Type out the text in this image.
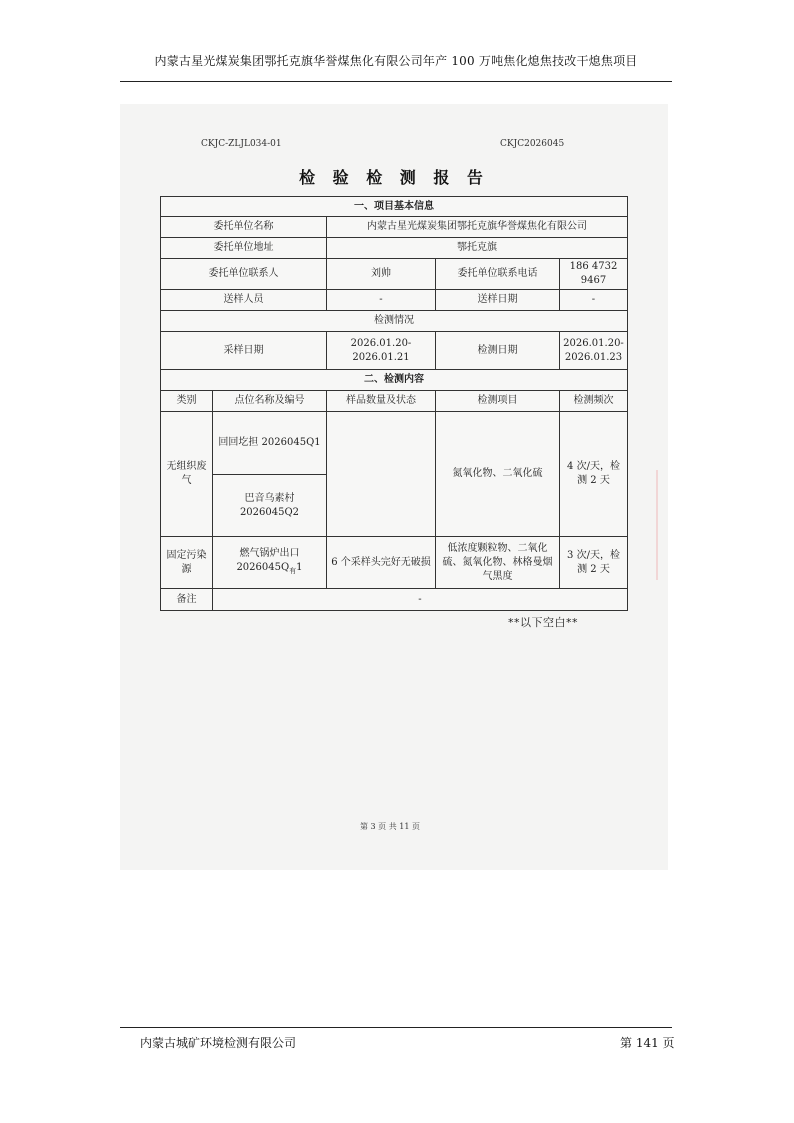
内蒙古星光煤炭集团鄂托克旗华誉煤焦化有限公司年产 100 万吨焦化熄焦技改干熄焦项目
CKJC-ZLJL034-01	CKJC2026045
检 验 检 测 报 告
一、项目基本信息				
委托单位名称		内蒙古星光煤炭集团鄂托克旗华誉煤焦化有限公司		
委托单位地址		鄂托克旗		
委托单位联系人		刘帅	委托单位联系电话	186 4732 9467
送样人员		-	送样日期	-
检测情况				
采样日期		2026.01.20-2026.01.21	检测日期	2026.01.20-2026.01.23
二、检测内容				
类别	点位名称及编号	样品数量及状态	检测项目	检测频次
无组织废气	回回圪担 2026045Q1		氮氧化物、二氧化硫	4 次/天，检测 2 天
	巴音乌素村 2026045Q2			
固定污染源	燃气锅炉出口 $2026045Q_有1$	6 个采样头完好无破损	低浓度颗粒物、二氧化硫、氮氧化物、林格曼烟气黑度	3 次/天，检测 2 天
备注	-			
**以下空白**
第 3 页 共 11 页
内蒙古城矿环境检测有限公司	第 141 页
